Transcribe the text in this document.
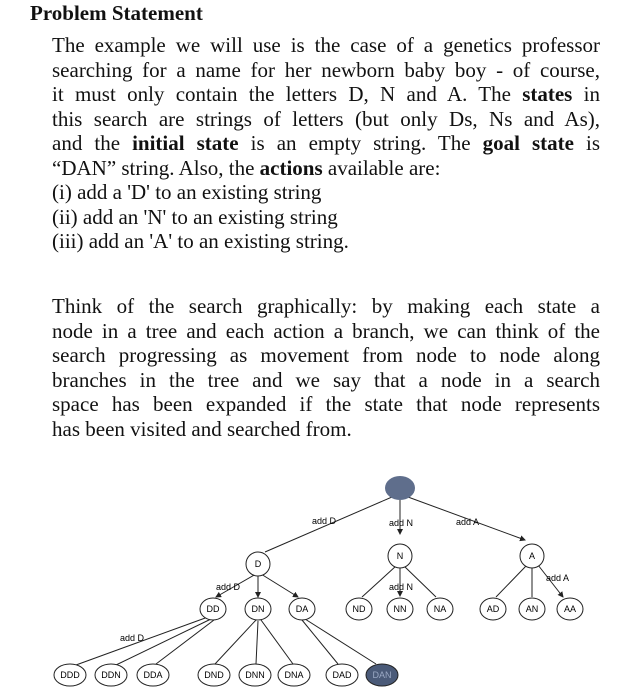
Problem Statement
The example we will use is the case of a genetics professor
searching for a name for her newborn baby boy - of course,
it must only contain the letters D, N and A. The states in
this search are strings of letters (but only Ds, Ns and As),
and the initial state is an empty string. The goal state is
“DAN” string. Also, the actions available are:
(i) add a 'D' to an existing string
(ii) add an 'N' to an existing string
(iii) add an 'A' to an existing string.
Think of the search graphically: by making each state a
node in a tree and each action a branch, we can think of the
search progressing as movement from node to node along
branches in the tree and we say that a node in a search
space has been expanded if the state that node represents
has been visited and searched from.
D
N	A
DD	DN	DA	ND	NN	NA	AD	AN	AA
DDD DDN	DDA	DND DNN DNA	DAD DAN
add D	add N	add A
add D	add N
add A
add D
